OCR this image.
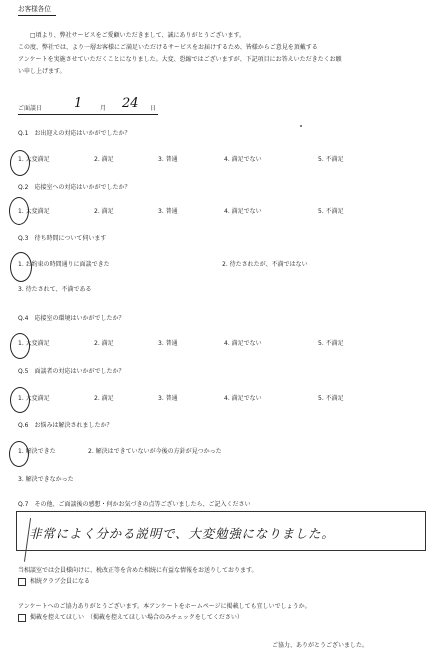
お客様各位
□頃より、弊社サービスをご愛顧いただきまして、誠にありがとうございます。
この度、弊社では、より一層お客様にご満足いただけるサービスをお届けするため、皆様からご意見を頂戴する
アンケートを実施させていただくことになりました。大変、恐縮ではございますが、下記項目にお答えいただきたくお願
い申し上げます。
ご面談日 1	月 24 日
Q.1　お出迎えの対応はいかがでしたか？
1. 大変満足	2. 満足	3. 普通	4. 満足でない	5. 不満足
Q.2　応接室への対応はいかがでしたか？
1. 大変満足	2. 満足	3. 普通	4. 満足でない	5. 不満足
Q.3　待ち時間について伺います
1. お約束の時間通りに面談できた	2. 待たされたが、不満ではない
3. 待たされて、不満である
Q.4　応接室の環境はいかがでしたか？
1. 大変満足	2. 満足	3. 普通	4. 満足でない	5. 不満足
Q.5　面談者の対応はいかがでしたか？
1. 大変満足	2. 満足	3. 普通	4. 満足でない	5. 不満足
Q.6　お悩みは解決されましたか？
1. 解決できた	2. 解決はできていないが今後の方針が見つかった
3. 解決できなかった
Q.7　その他、ご面談後の感想・何かお気づきの点等ございましたら、ご記入ください
非常によく分かる説明で、大変勉強になりました。
当相談室では会員様向けに、税改正等を含めた相続に有益な情報をお送りしております。
相続クラブ会員になる
アンケートへのご協力ありがとうございます。本アンケートをホームページに掲載しても宜しいでしょうか。
掲載を控えてほしい　（掲載を控えてほしい場合のみチェックをしてください）
ご協力、ありがとうございました。
